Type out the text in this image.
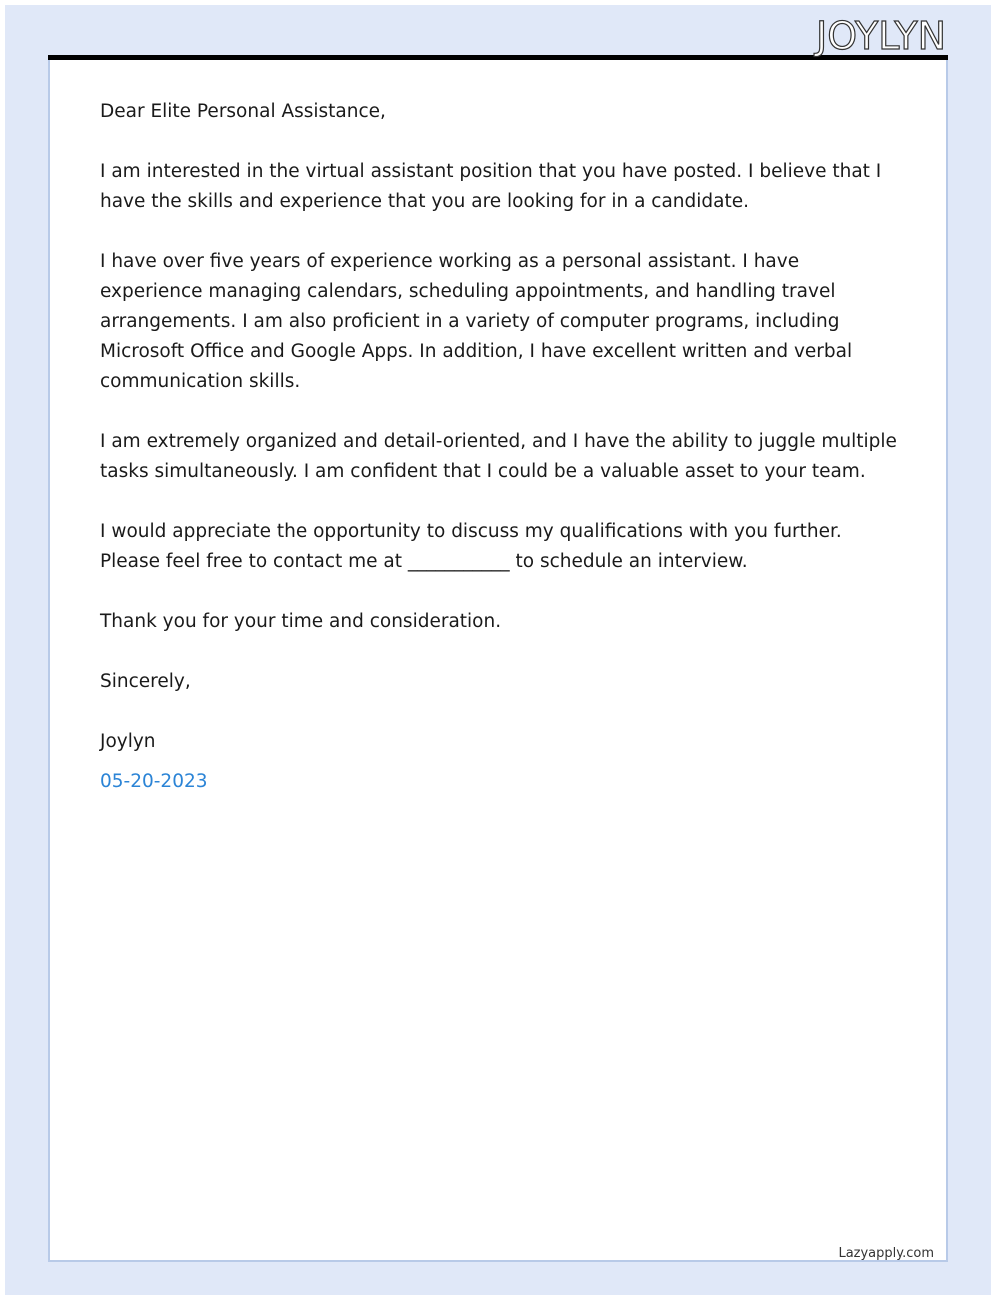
JOYLYN

Dear Elite Personal Assistance,

I am interested in the virtual assistant position that you have posted. I believe that I have the skills and experience that you are looking for in a candidate.

I have over five years of experience working as a personal assistant. I have experience managing calendars, scheduling appointments, and handling travel arrangements. I am also proficient in a variety of computer programs, including Microsoft Office and Google Apps. In addition, I have excellent written and verbal communication skills.

I am extremely organized and detail-oriented, and I have the ability to juggle multiple tasks simultaneously. I am confident that I could be a valuable asset to your team.

I would appreciate the opportunity to discuss my qualifications with you further. Please feel free to contact me at ___________ to schedule an interview.

Thank you for your time and consideration.

Sincerely,

Joylyn

05-20-2023

Lazyapply.com
